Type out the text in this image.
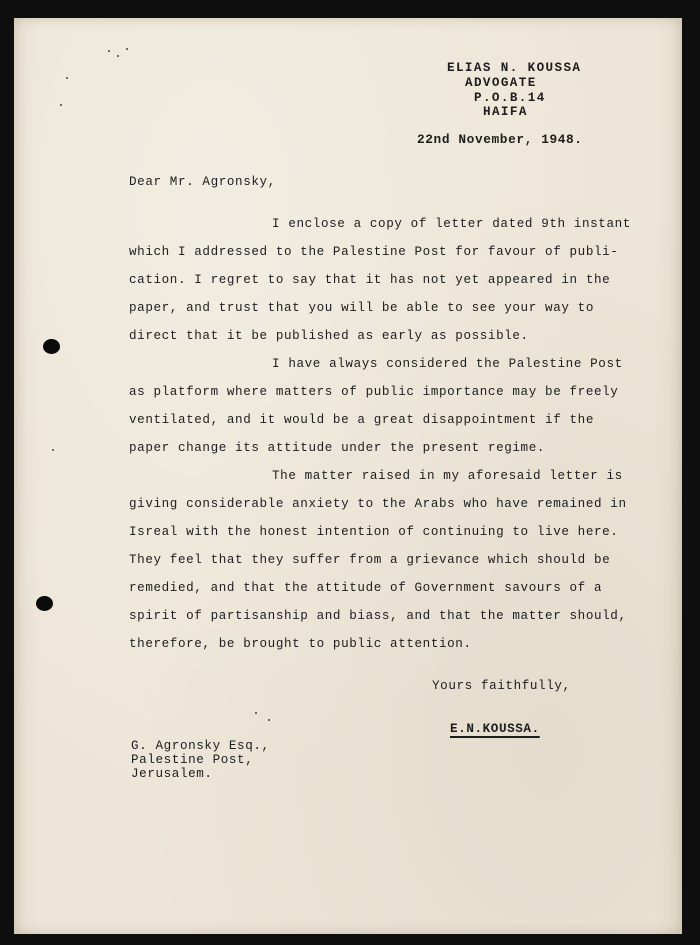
ELIAS N. KOUSSA
ADVOGATE
P.O.B.14
HAIFA
22nd November, 1948.
Dear Mr. Agronsky,
I enclose a copy of letter dated 9th instant
which I addressed to the Palestine Post for favour of publi-
cation. I regret to say that it has not yet appeared in the
paper, and trust that you will be able to see your way to
direct that it be published as early as possible.
I have always considered the Palestine Post
as platform where matters of public importance may be freely
ventilated, and it would be a great disappointment if the
paper change its attitude under the present regime.
The matter raised in my aforesaid letter is
giving considerable anxiety to the Arabs who have remained in
Isreal with the honest intention of continuing to live here.
They feel that they suffer from a grievance which should be
remedied, and that the attitude of Government savours of a
spirit of partisanship and biass, and that the matter should,
therefore, be brought to public attention.
Yours faithfully,
E.N.KOUSSA.
G. Agronsky Esq.,
Palestine Post,
Jerusalem.
